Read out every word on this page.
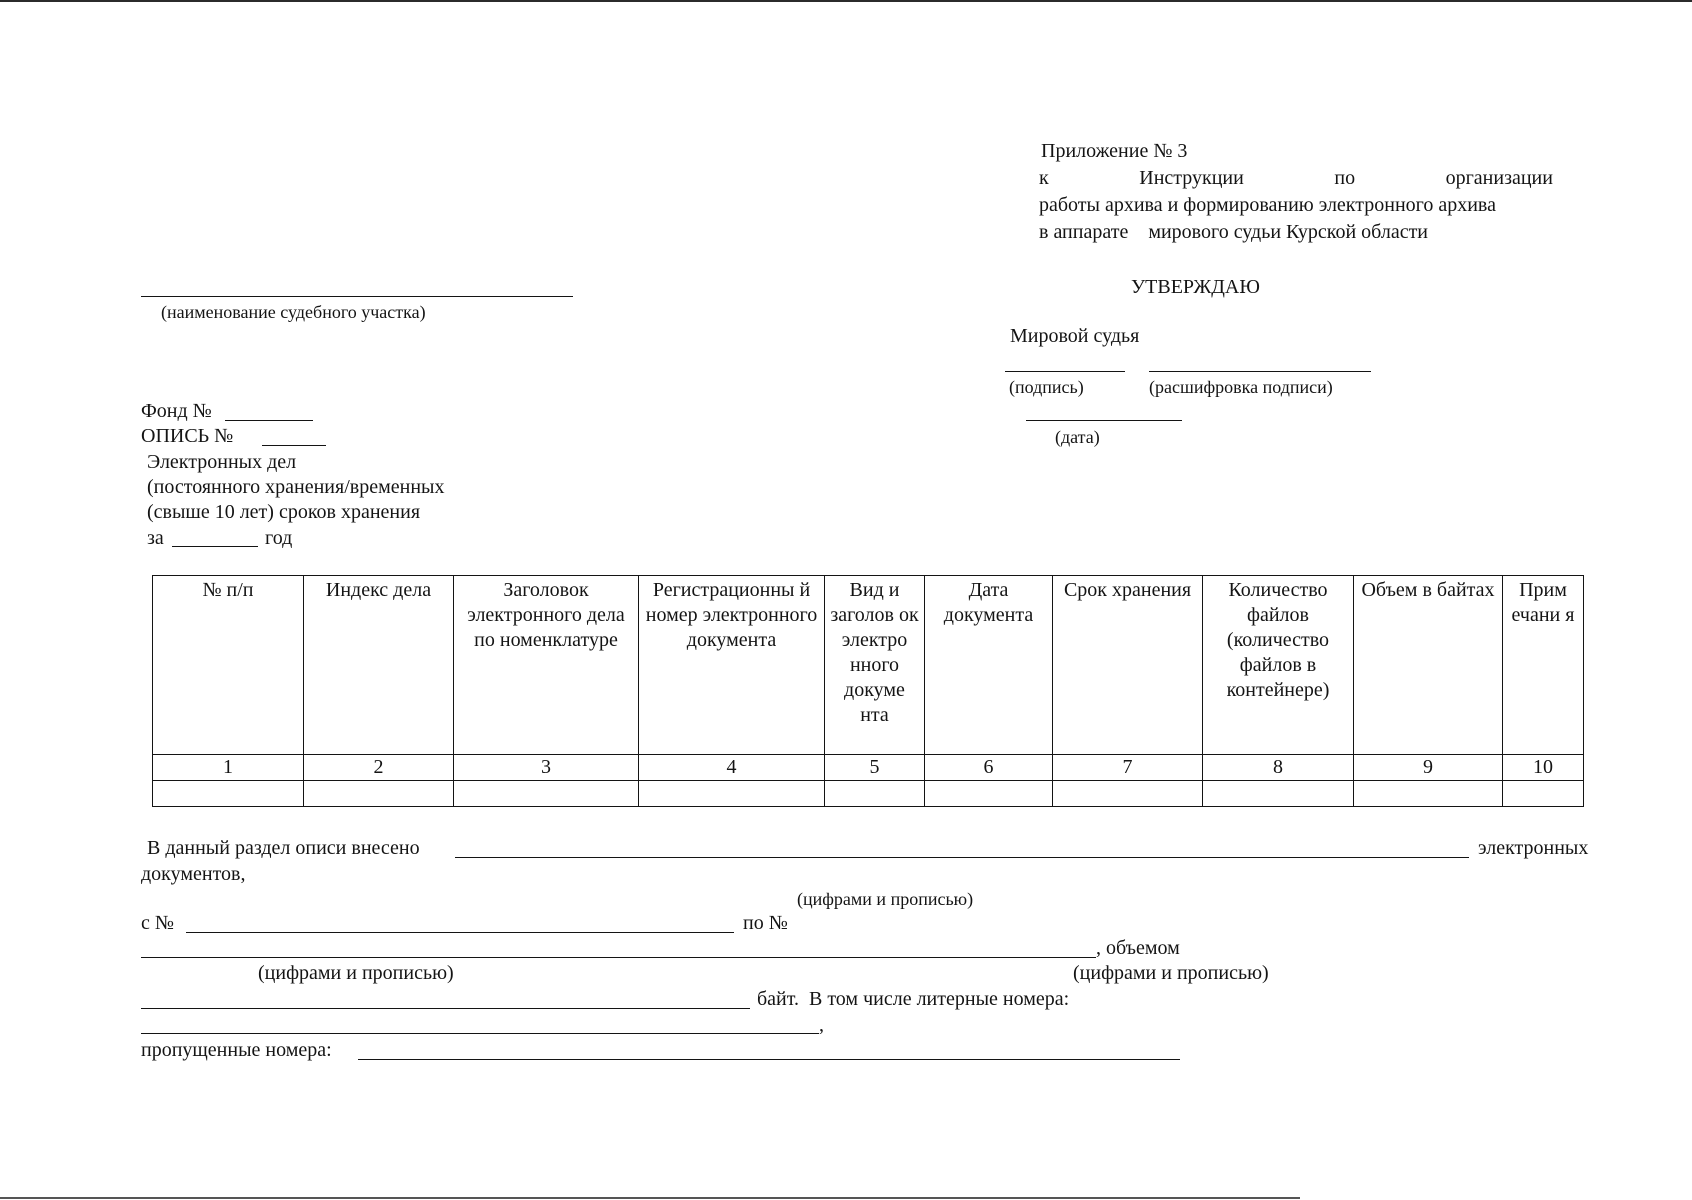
Приложение № 3
к	Инструкции	по	организации
работы архива и формированию электронного архива
в аппарате    мирового судьи Курской области
УТВЕРЖДАЮ
Мировой судья
(подпись)	(расшифровка подписи)
(дата)
(наименование судебного участка)
Фонд №
ОПИСЬ №
Электронных дел
(постоянного хранения/временных
(свыше 10 лет) сроков хранения
за	год
№ п/п	Индекс дела	Заголовок электронного дела по номенклатуре	Регистрационны й номер электронного документа	Вид и заголов ок электро нного докуме нта	Дата документа	Срок хранения	Количество файлов (количество файлов в контейнере)	Объем в байтах	Прим ечани я
1	2	3	4	5	6	7	8	9	10

В данный раздел описи внесено	электронных
документов,
(цифрами и прописью)
с №	по №
, объемом
(цифрами и прописью)	(цифрами и прописью)
байт.  В том числе литерные номера:
,
пропущенные номера:
